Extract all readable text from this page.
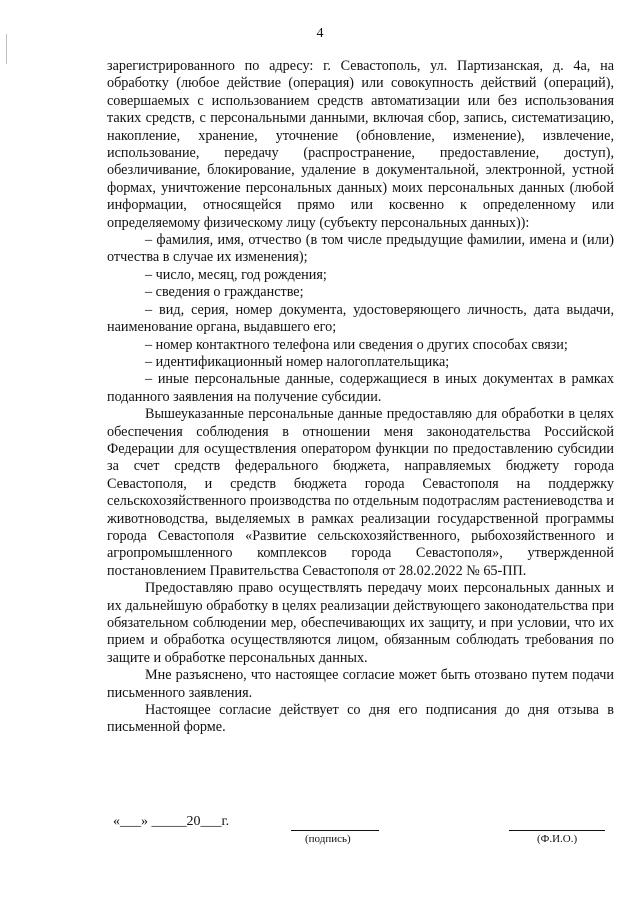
4

зарегистрированного по адресу: г. Севастополь, ул. Партизанская, д. 4а, на обработку (любое действие (операция) или совокупность действий (операций), совершаемых с использованием средств автоматизации или без использования таких средств, с персональными данными, включая сбор, запись, систематизацию, накопление, хранение, уточнение (обновление, изменение), извлечение, использование, передачу (распространение, предоставление, доступ), обезличивание, блокирование, удаление в документальной, электронной, устной формах, уничтожение персональных данных) моих персональных данных (любой информации, относящейся прямо или косвенно к определенному или определяемому физическому лицу (субъекту персональных данных)):

– фамилия, имя, отчество (в том числе предыдущие фамилии, имена и (или) отчества в случае их изменения);

– число, месяц, год рождения;

– сведения о гражданстве;

– вид, серия, номер документа, удостоверяющего личность, дата выдачи, наименование органа, выдавшего его;

– номер контактного телефона или сведения о других способах связи;

– идентификационный номер налогоплательщика;

– иные персональные данные, содержащиеся в иных документах в рамках поданного заявления на получение субсидии.

Вышеуказанные персональные данные предоставляю для обработки в целях обеспечения соблюдения в отношении меня законодательства Российской Федерации для осуществления оператором функции по предоставлению субсидии за счет средств федерального бюджета, направляемых бюджету города Севастополя, и средств бюджета города Севастополя на поддержку сельскохозяйственного производства по отдельным подотраслям растениеводства и животноводства, выделяемых в рамках реализации государственной программы города Севастополя «Развитие сельскохозяйственного, рыбохозяйственного и агропромышленного комплексов города Севастополя», утвержденной постановлением Правительства Севастополя от 28.02.2022 № 65-ПП.

Предоставляю право осуществлять передачу моих персональных данных и их дальнейшую обработку в целях реализации действующего законодательства при обязательном соблюдении мер, обеспечивающих их защиту, и при условии, что их прием и обработка осуществляются лицом, обязанным соблюдать требования по защите и обработке персональных данных.

Мне разъяснено, что настоящее согласие может быть отозвано путем подачи письменного заявления.

Настоящее согласие действует со дня его подписания до дня отзыва в письменной форме.

«___» _____20___г.
(подпись)	(Ф.И.О.)
